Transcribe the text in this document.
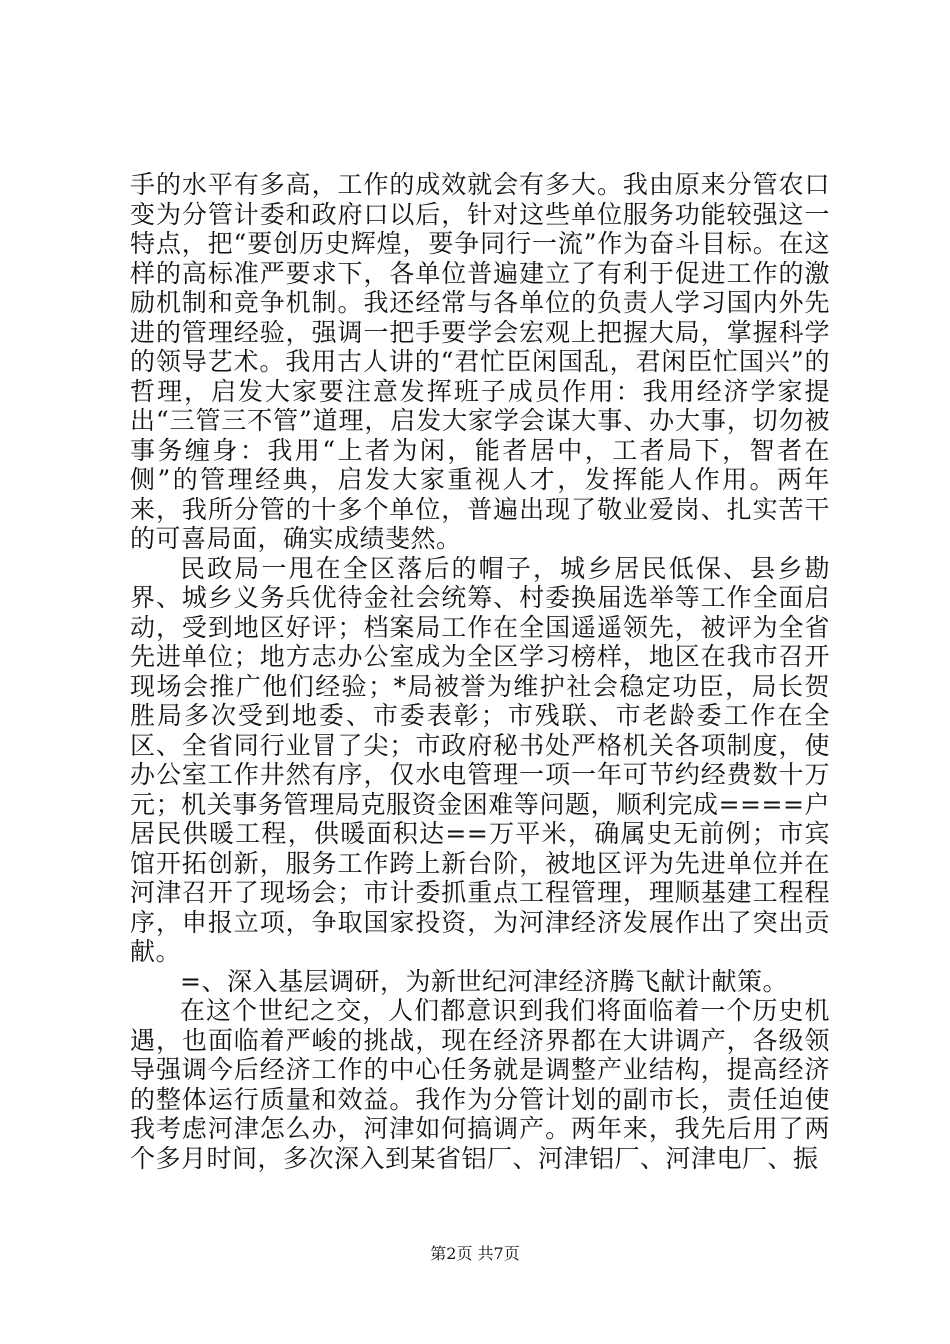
手的水平有多高，工作的成效就会有多大。我由原来分管农口变为分管计委和政府口以后，针对这些单位服务功能较强这一特点，把“要创历史辉煌，要争同行一流”作为奋斗目标。在这样的高标准严要求下，各单位普遍建立了有利于促进工作的激励机制和竞争机制。我还经常与各单位的负责人学习国内外先进的管理经验，强调一把手要学会宏观上把握大局，掌握科学的领导艺术。我用古人讲的“君忙臣闲国乱，君闲臣忙国兴”的哲理，启发大家要注意发挥班子成员作用：我用经济学家提出“三管三不管”道理，启发大家学会谋大事、办大事，切勿被事务缠身：我用“上者为闲，能者居中，工者局下，智者在侧”的管理经典，启发大家重视人才，发挥能人作用。两年来，我所分管的十多个单位，普遍出现了敬业爱岗、扎实苦干的可喜局面，确实成绩斐然。

民政局一甩在全区落后的帽子，城乡居民低保、县乡勘界、城乡义务兵优待金社会统筹、村委换届选举等工作全面启动，受到地区好评；档案局工作在全国遥遥领先，被评为全省先进单位；地方志办公室成为全区学习榜样，地区在我市召开现场会推广他们经验；*局被誉为维护社会稳定功臣，局长贺胜局多次受到地委、市委表彰；市残联、市老龄委工作在全区、全省同行业冒了尖；市政府秘书处严格机关各项制度，使办公室工作井然有序，仅水电管理一项一年可节约经费数十万元；机关事务管理局克服资金困难等问题，顺利完成====户居民供暖工程，供暖面积达==万平米，确属史无前例；市宾馆开拓创新，服务工作跨上新台阶，被地区评为先进单位并在河津召开了现场会；市计委抓重点工程管理，理顺基建工程程序，申报立项，争取国家投资，为河津经济发展作出了突出贡献。

=、深入基层调研，为新世纪河津经济腾飞献计献策。

在这个世纪之交，人们都意识到我们将面临着一个历史机遇，也面临着严峻的挑战，现在经济界都在大讲调产，各级领导强调今后经济工作的中心任务就是调整产业结构，提高经济的整体运行质量和效益。我作为分管计划的副市长，责任迫使我考虑河津怎么办，河津如何搞调产。两年来，我先后用了两个多月时间，多次深入到某省铝厂、河津铝厂、河津电厂、振

第2页 共7页
